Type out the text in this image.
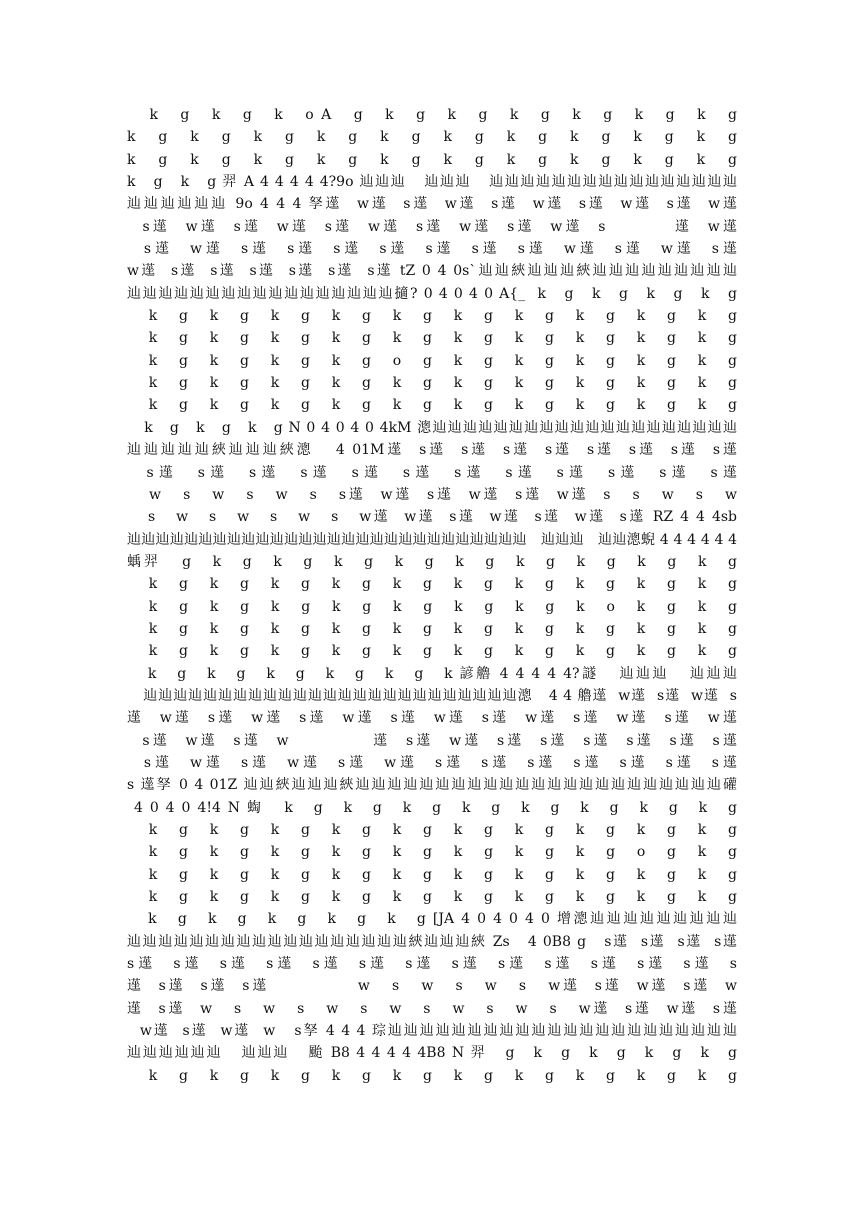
k   g   k   g   k   o A   g   k   g   k   g   k   g   k   g   k   g   k   g
k   g   k   g   k   g   k   g   k   g   k   g   k   g   k   g   k   g   k   g
k   g   k   g   k   g   k   g   k   g   k   g   k   g   k   g   k   g   k   g
k   g   k   g 羿 A 4 4 4 4 4?9o 辿辿辿   辿辿辿   辿辿辿辿辿辿辿辿辿辿辿辿辿辿辿辿
辿辿辿辿辿辿 9o 4 4 4 孥遳  w遳  s遳  w遳  s遳  w遳  s遳  w遳  s遳  w遳
s遳  w遳  s遳  w遳  s遳  w遳  s遳  w遳  s遳  w遳  s         遳  w遳
s遳  w遳  s遳  s遳  s遳  s遳  s遳  s遳  s遳  w遳  s遳  w遳  s遳
w遳  s遳  s遳  s遳  s遳  s遳  s遳 tZ 0 4 0s`辿辿綊辿辿辿綊辿辿辿辿辿辿辿辿辿
辿辿辿辿辿辿辿辿辿辿辿辿辿辿辿辿辿擿? 0 4 0 4 0 A{_  k   g   k   g   k   g   k   g
k   g   k   g   k   g   k   g   k   g   k   g   k   g   k   g   k   g   k   g
k   g   k   g   k   g   k   g   k   g   k   g   k   g   k   g   k   g   k   g
k   g   k   g   k   g   k   g   o   g   k   g   k   g   k   g   k   g   k   g
k   g   k   g   k   g   k   g   k   g   k   g   k   g   k   g   k   g   k   g
k   g   k   g   k   g   k   g   k   g   k   g   k   g   k   g   k   g   k   g
k   g   k   g   k   g N 0 4 0 4 0 4kM 漗辿辿辿辿辿辿辿辿辿辿辿辿辿辿辿辿辿辿辿辿
辿辿辿辿辿綊辿辿辿綊漗   4 01M遳  s遳  s遳  s遳  s遳  s遳  s遳  s遳  s遳
s遳  s遳  s遳  s遳  s遳  s遳  s遳  s遳  s遳  s遳  s遳  s遳
w   s   w   s   w   s   s遳  w遳  s遳  w遳  s遳  w遳  s   s   w   s   w
s   w   s   w   s   w   s   w遳  w遳  s遳  w遳  s遳  w遳  s遳 RZ 4 4 4sb
辿辿辿辿辿辿辿辿辿辿辿辿辿辿辿辿辿辿辿辿辿辿辿辿辿辿辿辿   辿辿辿   辿辿漗蜺 4 4 4 4 4 4
蝺羿   g   k   g   k   g   k   g   k   g   k   g   k   g   k   g   k   g   k   g
k   g   k   g   k   g   k   g   k   g   k   g   k   g   k   g   k   g   k   g
k   g   k   g   k   g   k   g   k   g   k   g   k   g   k   o   k   g   k   g
k   g   k   g   k   g   k   g   k   g   k   g   k   g   k   g   k   g   k   g
k   g   k   g   k   g   k   g   k   g   k   g   k   g   k   g   k   g   k   g
k   g   k   g   k   g   k   g   k   g   k 諺艪 4 4 4 4 4?譢   辿辿辿   辿辿辿
辿辿辿辿辿辿辿辿辿辿辿辿辿辿辿辿辿辿辿辿辿辿辿辿辿漗   4 4 艪遳  w遳  s遳  w遳  s
遳  w遳  s遳  w遳  s遳  w遳  s遳  w遳  s遳  w遳  s遳  w遳  s遳  w遳
s遳  w遳  s遳  w           遳  s遳  w遳  s遳  s遳  s遳  s遳  s遳  s遳
s遳  w遳  s遳  w遳  s遳  w遳  s遳  s遳  s遳  s遳  s遳  s遳  s遳
s 遳孥 0 4 01Z 辿辿綊辿辿辿綊辿辿辿辿辿辿辿辿辿辿辿辿辿辿辿辿辿辿辿辿辿辿辿礶
4 0 4 0 4!4 N 蜪   k   g   k   g   k   g   k   g   k   g   k   g   k   g   k   g
k   g   k   g   k   g   k   g   k   g   k   g   k   g   k   g   k   g   k   g
k   g   k   g   k   g   k   g   k   g   k   g   k   g   k   g   o   g   k   g
k   g   k   g   k   g   k   g   k   g   k   g   k   g   k   g   k   g   k   g
k   g   k   g   k   g   k   g   k   g   k   g   k   g   k   g   k   g   k   g
k   g   k   g   k   g   k   g   k   g [JA 4 0 4 0 4 0 增漗辿辿辿辿辿辿辿辿辿
辿辿辿辿辿辿辿辿辿辿辿辿辿辿辿辿辿辿綊辿辿辿綊 Zs   4 0B8 g   s遳  s遳  s遳  s遳
s遳  s遳  s遳  s遳  s遳  s遳  s遳  s遳  s遳  s遳  s遳  s遳  s遳  s
遳  s遳  s遳  s遳            w   s   w   s   w   s   w遳  s遳  w遳  s遳  w
遳  s遳  w   s   w   s   w   s   w   s   w   s   w   s   w遳  s遳  w遳  s遳
w遳  s遳  w遳  w   s孥 4 4 4 琮辿辿辿辿辿辿辿辿辿辿辿辿辿辿辿辿辿辿辿辿辿辿
辿辿辿辿辿辿   辿辿辿   颱 B8 4 4 4 4 4B8 N 羿   g   k   g   k   g   k   g   k   g
k   g   k   g   k   g   k   g   k   g   k   g   k   g   k   g   k   g   k   g
